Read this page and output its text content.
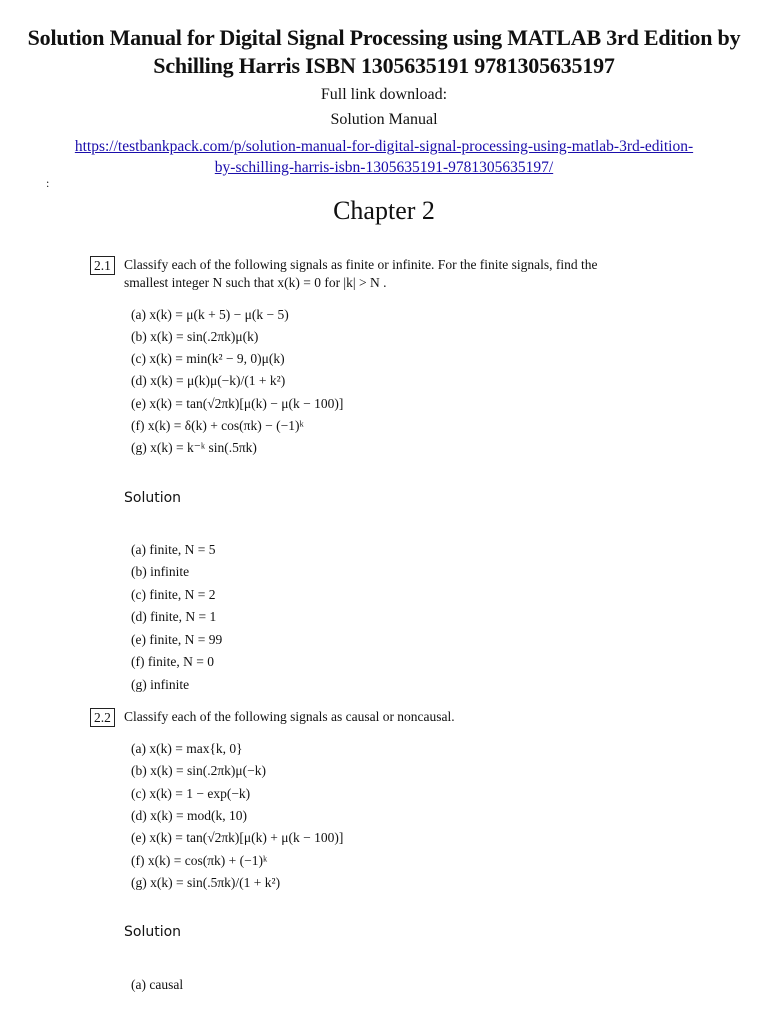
Solution Manual for Digital Signal Processing using MATLAB 3rd Edition by
Schilling Harris ISBN 1305635191 9781305635197
Full link download:
Solution Manual
https://testbankpack.com/p/solution-manual-for-digital-signal-processing-using-matlab-3rd-edition-
by-schilling-harris-isbn-1305635191-9781305635197/
:
Chapter 2
2.1 Classify each of the following signals as finite or infinite. For the finite signals, find the
smallest integer N such that x(k) = 0 for |k| > N .
(a) x(k) = μ(k + 5) − μ(k − 5)
(b) x(k) = sin(.2πk)μ(k)
(c) x(k) = min(k² − 9, 0)μ(k)
(d) x(k) = μ(k)μ(−k)/(1 + k²)
(e) x(k) = tan(√2πk)[μ(k) − μ(k − 100)]
(f) x(k) = δ(k) + cos(πk) − (−1)ᵏ
(g) x(k) = k⁻ᵏ sin(.5πk)
Solution
(a) finite, N = 5
(b) infinite
(c) finite, N = 2
(d) finite, N = 1
(e) finite, N = 99
(f) finite, N = 0
(g) infinite
2.2 Classify each of the following signals as causal or noncausal.
(a) x(k) = max{k, 0}
(b) x(k) = sin(.2πk)μ(−k)
(c) x(k) = 1 − exp(−k)
(d) x(k) = mod(k, 10)
(e) x(k) = tan(√2πk)[μ(k) + μ(k − 100)]
(f) x(k) = cos(πk) + (−1)ᵏ
(g) x(k) = sin(.5πk)/(1 + k²)
Solution
(a) causal
